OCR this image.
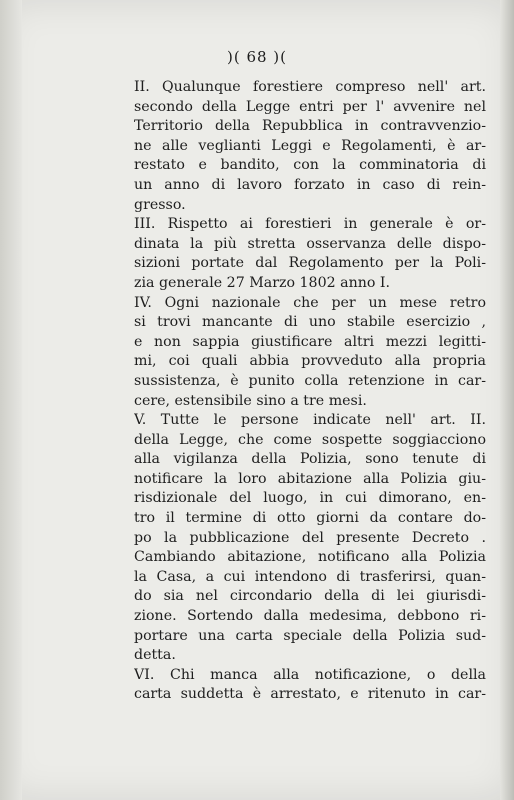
)( 68 )(
II. Qualunque forestiere compreso nell' art.
secondo della Legge entri per l' avvenire nel
Territorio della Repubblica in contravvenzio-
ne alle veglianti Leggi e Regolamenti, è ar-
restato e bandito, con la comminatoria di
un anno di lavoro forzato in caso di rein-
gresso.
III. Rispetto ai forestieri in generale è or-
dinata la più stretta osservanza delle dispo-
sizioni portate dal Regolamento per la Poli-
zia generale 27 Marzo 1802 anno I.
IV. Ogni nazionale che per un mese retro
si trovi mancante di uno stabile esercizio ,
e non sappia giustificare altri mezzi legitti-
mi, coi quali abbia provveduto alla propria
sussistenza, è punito colla retenzione in car-
cere, estensibile sino a tre mesi.
V. Tutte le persone indicate nell' art. II.
della Legge, che come sospette soggiacciono
alla vigilanza della Polizia, sono tenute di
notificare la loro abitazione alla Polizia giu-
risdizionale del luogo, in cui dimorano, en-
tro il termine di otto giorni da contare do-
po la pubblicazione del presente Decreto .
Cambiando abitazione, notificano alla Polizia
la Casa, a cui intendono di trasferirsi, quan-
do sia nel circondario della di lei giurisdi-
zione. Sortendo dalla medesima, debbono ri-
portare una carta speciale della Polizia sud-
detta.
VI. Chi manca alla notificazione, o della
carta suddetta è arrestato, e ritenuto in car-
